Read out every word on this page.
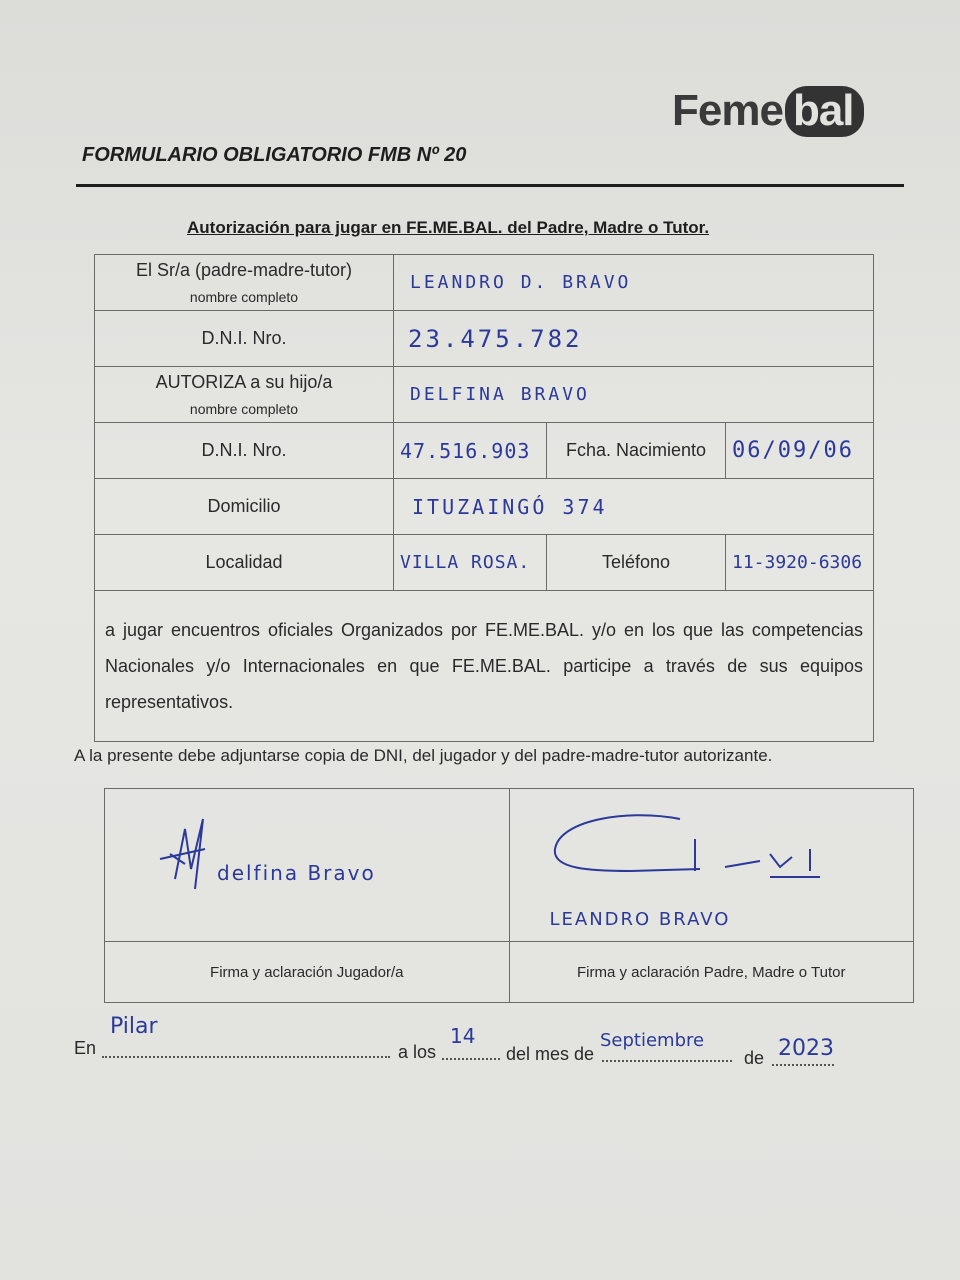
Feme bal
FORMULARIO OBLIGATORIO FMB Nº 20
Autorización para jugar en FE.ME.BAL. del Padre, Madre o Tutor.
El Sr/a (padre-madre-tutor)
nombre completo	LEANDRO D. BRAVO		
D.N.I. Nro.	23.475.782		
AUTORIZA a su hijo/a
nombre completo	DELFINA BRAVO		
D.N.I. Nro.	47.516.903	Fcha. Nacimiento	06/09/06
Domicilio	ITUZAINGÓ 374		
Localidad	VILLA ROSA.	Teléfono	11-3920-6306
a jugar encuentros oficiales Organizados por FE.ME.BAL. y/o en los que las competencias Nacionales y/o Internacionales en que FE.ME.BAL. participe a través de sus equipos representativos.			
A la presente debe adjuntarse copia de DNI, del jugador y del padre-madre-tutor autorizante.
delfina Bravo	LEANDRO BRAVO

Firma y aclaración Jugador/a	Firma y aclaración Padre, Madre o Tutor
En	a los	del mes de	de
Pilar	14	Septiembre	2023
